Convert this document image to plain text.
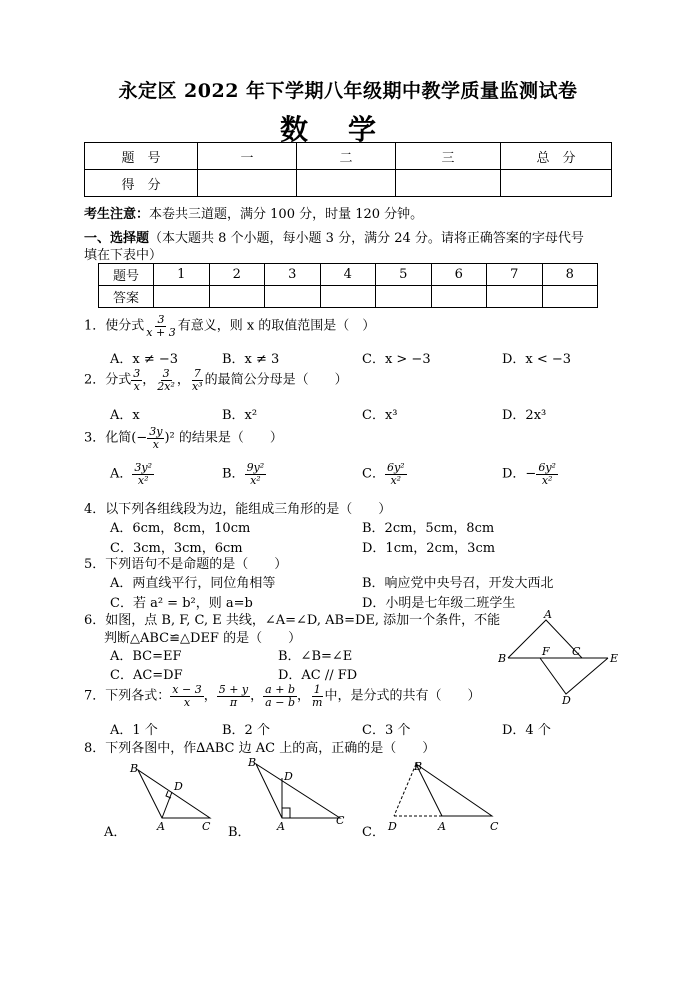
永定区 2022 年下学期八年级期中教学质量监测试卷
数学
题　号	一	二	三	总　分
得　分				
考生注意：本卷共三道题，满分 100 分，时量 120 分钟。
一、选择题（本大题共 8 个小题，每小题 3 分，满分 24 分。请将正确答案的字母代号
填在下表中）
题号	1	2	3	4	5	6	7	8
答案								
1．使分式 $\frac{3}{x + 3}$ 有意义，则 x 的取值范围是（　）
A．x ≠ −3	B．x ≠ 3	C．x > −3	D．x < −3
2．分式 $\frac{3}{x}$ ， $\frac{3}{\text{2x²}}$ ， $\frac{7}{\text{x³}}$ 的最简公分母是（　　）
A．x	B．x²	C．x³	D．2x³
3．化简(− $\frac{3y}{x} )^2$ 的结果是（　　）
A． $\frac{\text{3y²}}{\text{x²}}$	B． $\frac{\text{9y²}}{\text{x²}}$	C． $\frac{\text{6y²}}{\text{x²}}$	D．− $\frac{\text{6y²}}{\text{x²}}$
4．以下列各组线段为边，能组成三角形的是（　　）
A．6cm，8cm，10cm	B．2cm，5cm，8cm
C．3cm，3cm，6cm	D．1cm，2cm，3cm
5．下列语句不是命题的是（　　）
A．两直线平行，同位角相等	B．响应党中央号召，开发大西北
C．若 a² = b²，则 a=b	D．小明是七年级二班学生
6．如图，点 B, F, C, E 共线，∠A=∠D, AB=DE, 添加一个条件，不能
判断△ABC≌△DEF 的是（　　）
A．BC=EF	B．∠B=∠E
C．AC=DF	D．AC // FD
A
B
F C
E
D
7．下列各式： $\frac{x - 3}{x}$ ， $\frac{5 + y}{\pi}$ ， $\frac{a + b}{a - b}$ ， $\frac{1}{m}$ 中，是分式的共有（　　）
A．1 个	B．2 个	C．3 个	D．4 个
8．下列各图中，作∆ABC 边 AC 上的高，正确的是（　　）
A．
B
D
A	C B．
B
D
A	C
C．
B
D	A	C
